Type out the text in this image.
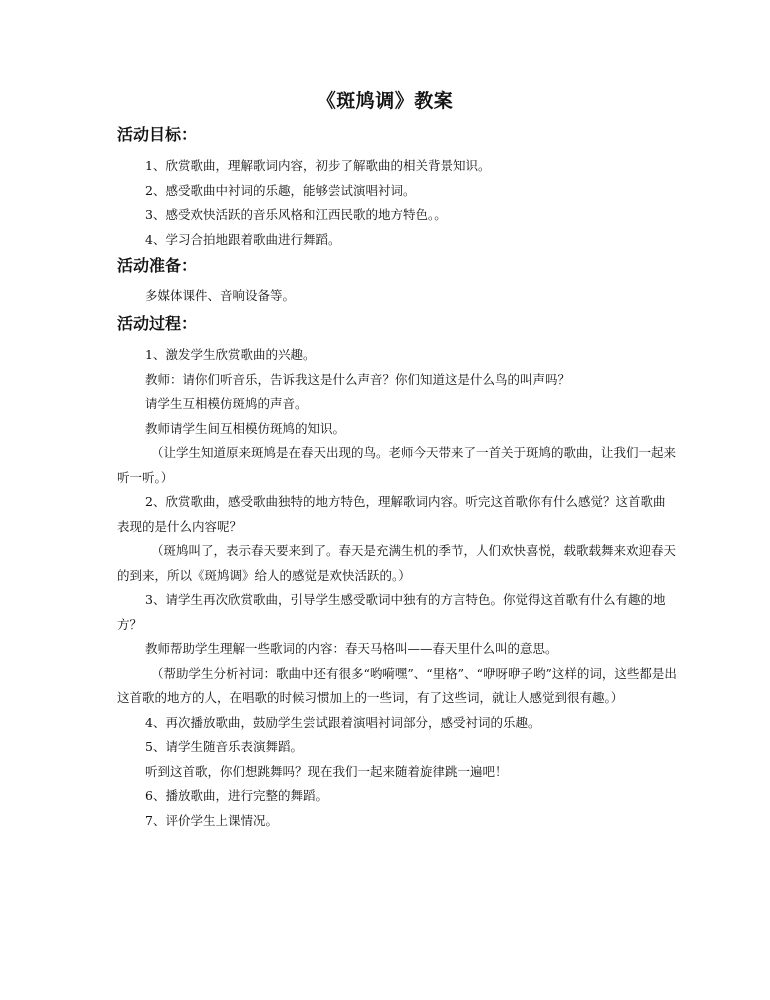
《斑鸠调》教案

活动目标：

1、欣赏歌曲，理解歌词内容，初步了解歌曲的相关背景知识。

2、感受歌曲中衬词的乐趣，能够尝试演唱衬词。

3、感受欢快活跃的音乐风格和江西民歌的地方特色。。

4、学习合拍地跟着歌曲进行舞蹈。

活动准备：

多媒体课件、音响设备等。

活动过程：

1、激发学生欣赏歌曲的兴趣。

教师：请你们听音乐，告诉我这是什么声音？你们知道这是什么鸟的叫声吗？

请学生互相模仿斑鸠的声音。

教师请学生间互相模仿斑鸠的知识。

（让学生知道原来斑鸠是在春天出现的鸟。老师今天带来了一首关于斑鸠的歌曲，让我们一起来听一听。）

2、欣赏歌曲，感受歌曲独特的地方特色，理解歌词内容。听完这首歌你有什么感觉？这首歌曲表现的是什么内容呢？

（斑鸠叫了，表示春天要来到了。春天是充满生机的季节，人们欢快喜悦，载歌载舞来欢迎春天的到来，所以《斑鸠调》给人的感觉是欢快活跃的。）

3、请学生再次欣赏歌曲，引导学生感受歌词中独有的方言特色。你觉得这首歌有什么有趣的地方？

教师帮助学生理解一些歌词的内容：春天马格叫——春天里什么叫的意思。

（帮助学生分析衬词：歌曲中还有很多“哟嗬嘿”、“里格”、“咿呀咿子哟”这样的词，这些都是出这首歌的地方的人，在唱歌的时候习惯加上的一些词，有了这些词，就让人感觉到很有趣。）

4、再次播放歌曲，鼓励学生尝试跟着演唱衬词部分，感受衬词的乐趣。

5、请学生随音乐表演舞蹈。

听到这首歌，你们想跳舞吗？现在我们一起来随着旋律跳一遍吧！

6、播放歌曲，进行完整的舞蹈。

7、评价学生上课情况。
